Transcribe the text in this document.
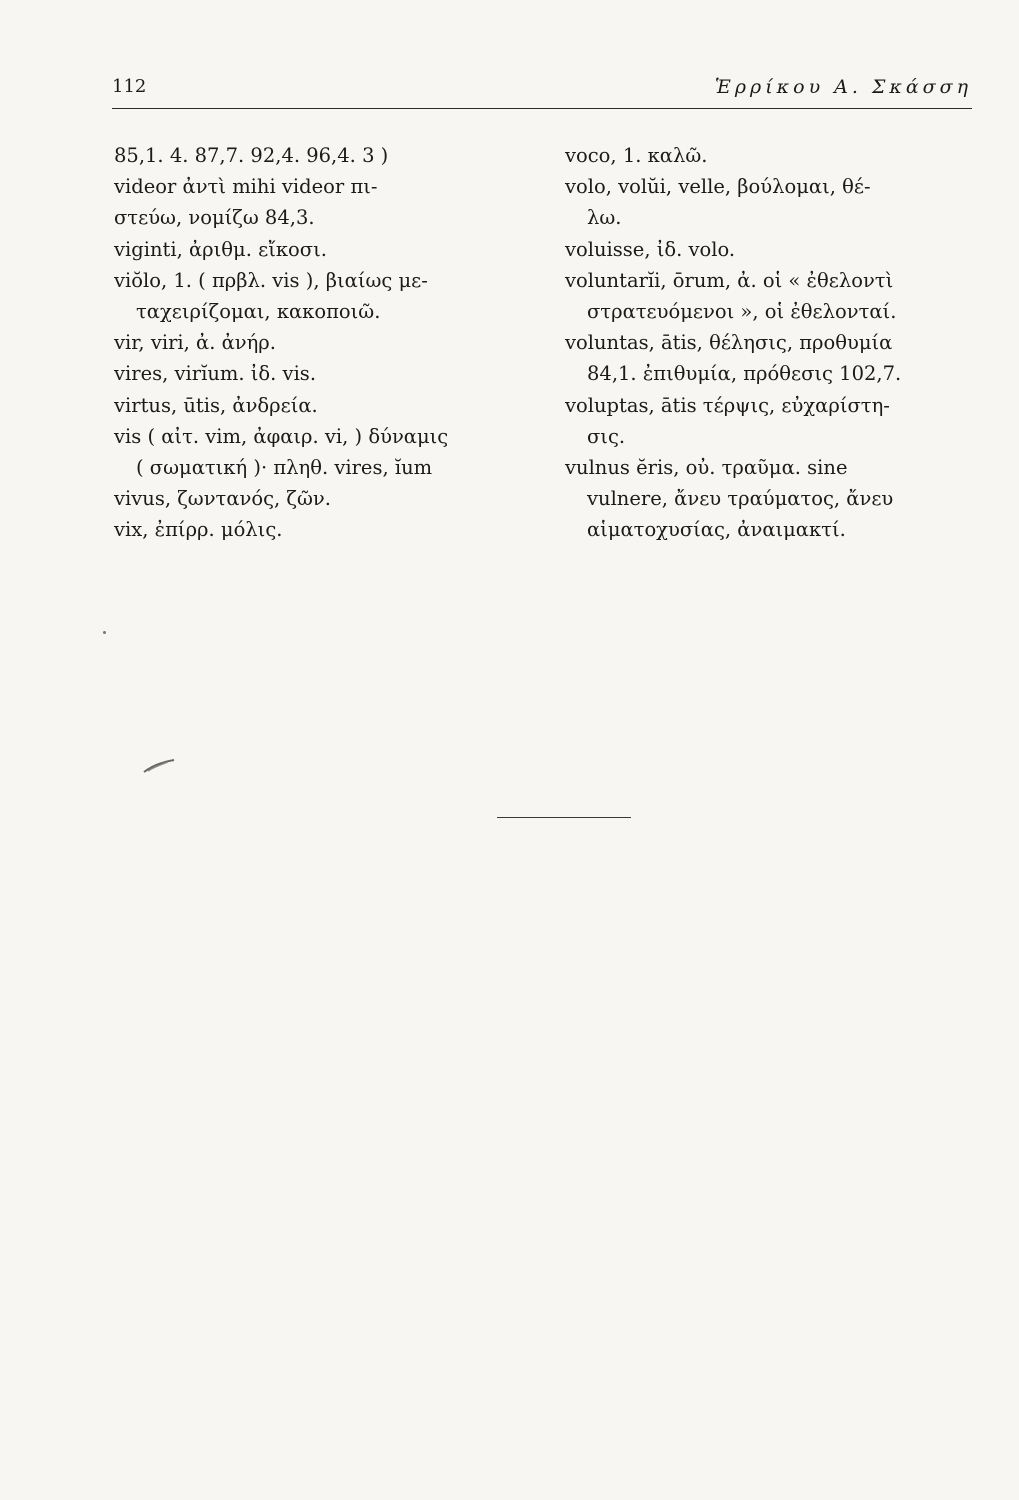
112	Ἑρρίκου Α. Σκάσση
85,1. 4. 87,7. 92,4. 96,4. 3 )
videor ἀντὶ mihi videor πι-
στεύω, νομίζω 84,3.
viginti, ἀριθμ. εἴκοσι.
viŏlo, 1. ( πρβλ. vis ), βιαίως με-
ταχειρίζομαι, κακοποιῶ.
vir, viri, ἀ. ἀνήρ.
vires, virĭum. ἰδ. vis.
virtus, ūtis, ἀνδρεία.
vis ( αἰτ. vim, ἀφαιρ. vi, ) δύναμις
( σωματική )· πληθ. vires, ĭum
vivus, ζωντανός, ζῶν.
vix, ἐπίρρ. μόλις.
voco, 1. καλῶ.
volo, volŭi, velle, βούλομαι, θέ-
λω.
voluisse, ἰδ. volo.
voluntarĭi, ōrum, ἀ. οἱ « ἐθελοντὶ
στρατευόμενοι », οἱ ἐθελονταί.
voluntas, ātis, θέλησις, προθυμία
84,1. ἐπιθυμία, πρόθεσις 102,7.
voluptas, ātis τέρψις, εὐχαρίστη-
σις.
vulnus ĕris, οὐ. τραῦμα. sine
vulnere, ἄνευ τραύματος, ἄνευ
αἱματοχυσίας, ἀναιμακτί.
